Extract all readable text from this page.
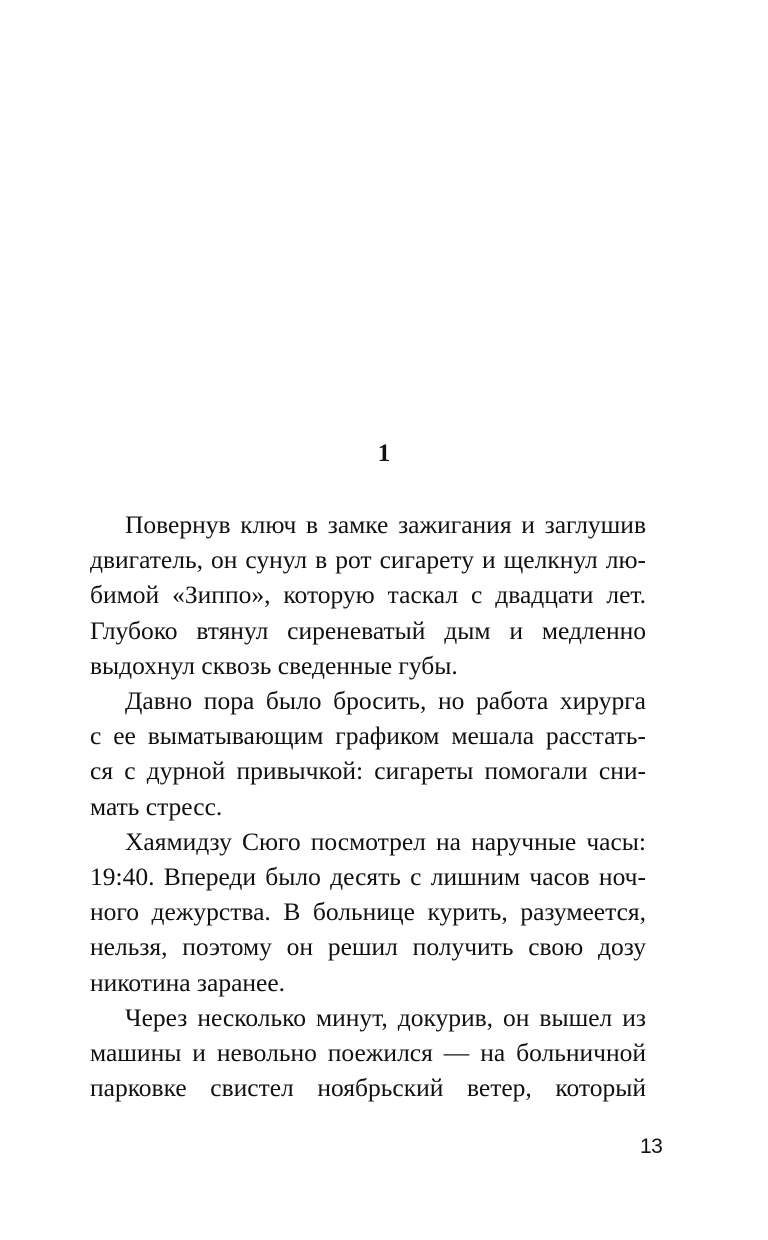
1

Повернув ключ в замке зажигания и заглушив
двигатель, он сунул в рот сигарету и щелкнул лю-
бимой «Зиппо», которую таскал с двадцати лет.
Глубоко втянул сиреневатый дым и медленно
выдохнул сквозь сведенные губы.

Давно пора было бросить, но работа хирурга
с ее выматывающим графиком мешала расстать-
ся с дурной привычкой: сигареты помогали сни-
мать стресс.

Хаямидзу Сюго посмотрел на наручные часы:
19:40. Впереди было десять с лишним часов ноч-
ного дежурства. В больнице курить, разумеется,
нельзя, поэтому он решил получить свою дозу
никотина заранее.

Через несколько минут, докурив, он вышел из
машины и невольно поежился — на больничной
парковке свистел ноябрьский ветер, который

13
